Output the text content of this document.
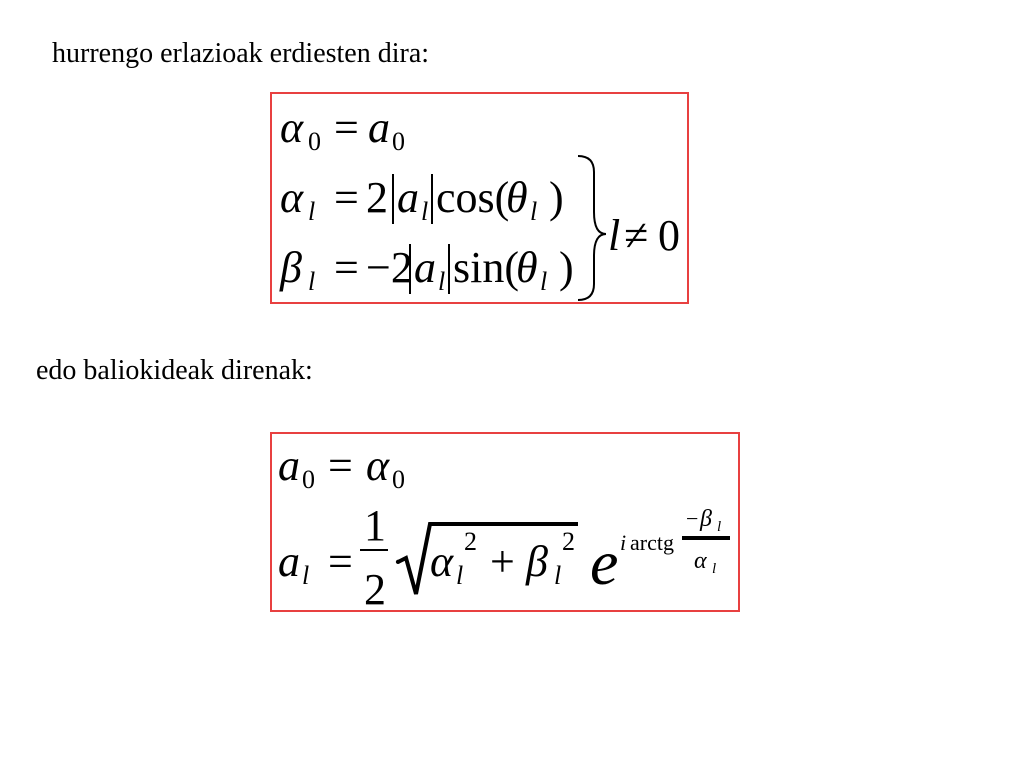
hurrengo erlazioak erdiesten dira:
α 0 = a 0
α l = 2 a l cos(
θ l )
β l = −2 a l sin(
θ l )
l ≠ 0
edo baliokideak direnak:
a 0 = α 0
a l =
1
2
· α l
2 + β l
2 e i arctg
− β l
α l
